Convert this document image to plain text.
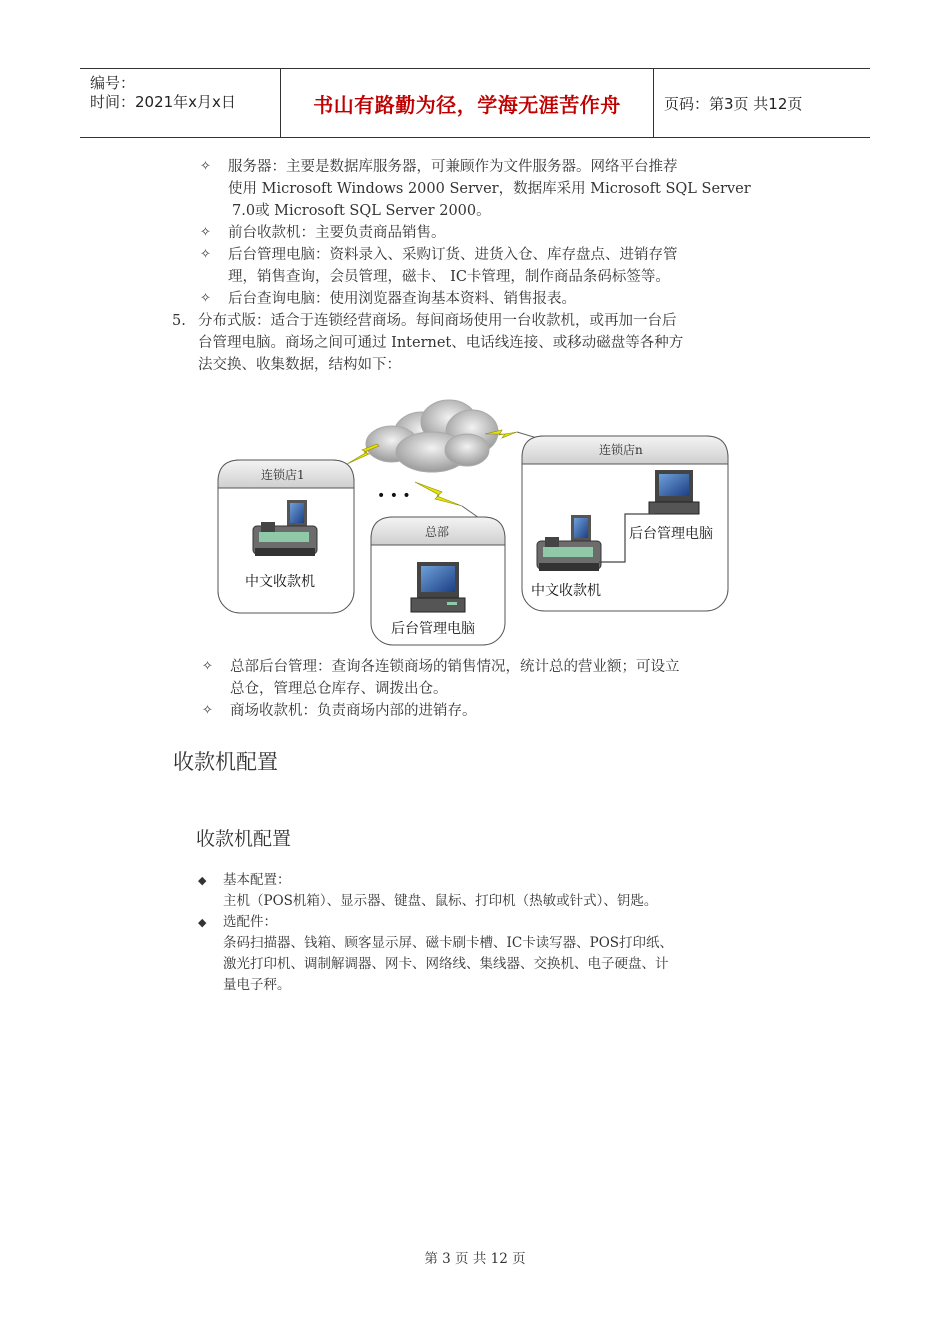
编号：
时间：2021年x月x日	书山有路勤为径，学海无涯苦作舟	页码：第3页 共12页
✧ 服务器：主要是数据库服务器，可兼顾作为文件服务器。网络平台推荐
使用 Microsoft Windows 2000 Server，数据库采用 Microsoft SQL Server
7.0或 Microsoft SQL Server 2000。
✧ 前台收款机：主要负责商品销售。
✧ 后台管理电脑：资料录入、采购订货、进货入仓、库存盘点、进销存管
理，销售查询，会员管理，磁卡、 IC卡管理，制作商品条码标签等。
✧ 后台查询电脑：使用浏览器查询基本资料、销售报表。
5. 分布式版：适合于连锁经营商场。每间商场使用一台收款机，或再加一台后
台管理电脑。商场之间可通过 Internet、电话线连接、或移动磁盘等各种方
法交换、收集数据，结构如下：
• • •
连锁店1
中文收款机
总部
后台管理电脑
连锁店n
后台管理电脑
中文收款机
✧ 总部后台管理：查询各连锁商场的销售情况，统计总的营业额；可设立
总仓，管理总仓库存、调拨出仓。
✧ 商场收款机：负责商场内部的进销存。
收款机配置
收款机配置
◆ 基本配置：
主机（POS机箱）、显示器、键盘、鼠标、打印机（热敏或针式）、钥匙。
◆ 选配件：
条码扫描器、钱箱、顾客显示屏、磁卡刷卡槽、IC卡读写器、POS打印纸、
激光打印机、调制解调器、网卡、网络线、集线器、交换机、电子硬盘、计
量电子秤。
第 3 页 共 12 页
